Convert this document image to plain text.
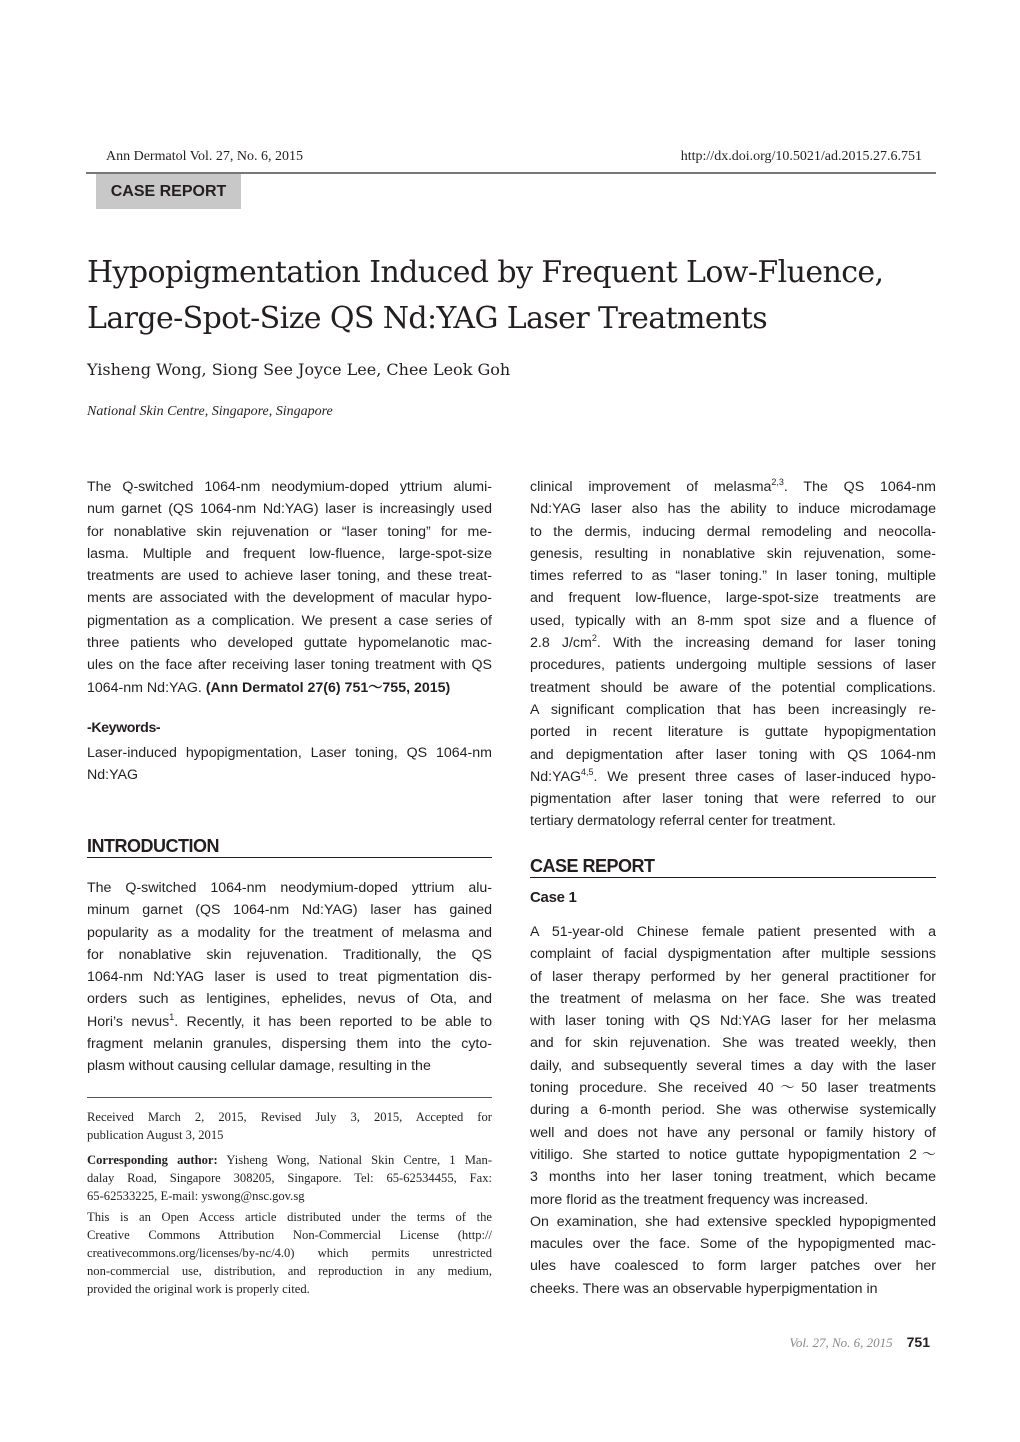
Ann Dermatol Vol. 27, No. 6, 2015	http://dx.doi.org/10.5021/ad.2015.27.6.751
CASE REPORT
Hypopigmentation Induced by Frequent Low-Fluence,
Large-Spot-Size QS Nd:YAG Laser Treatments
Yisheng Wong, Siong See Joyce Lee, Chee Leok Goh
National Skin Centre, Singapore, Singapore
The Q-switched 1064-nm neodymium-doped yttrium alumi-
num garnet (QS 1064-nm Nd:YAG) laser is increasingly used
for nonablative skin rejuvenation or “laser toning” for me-
lasma. Multiple and frequent low-fluence, large-spot-size
treatments are used to achieve laser toning, and these treat-
ments are associated with the development of macular hypo-
pigmentation as a complication. We present a case series of
three patients who developed guttate hypomelanotic mac-
ules on the face after receiving laser toning treatment with QS
1064-nm Nd:YAG. (Ann Dermatol 27(6) 751～755, 2015)
-Keywords-
Laser-induced hypopigmentation, Laser toning, QS 1064-nm
Nd:YAG
INTRODUCTION
The Q-switched 1064-nm neodymium-doped yttrium alu-
minum garnet (QS 1064-nm Nd:YAG) laser has gained
popularity as a modality for the treatment of melasma and
for nonablative skin rejuvenation. Traditionally, the QS
1064-nm Nd:YAG laser is used to treat pigmentation dis-
orders such as lentigines, ephelides, nevus of Ota, and
Hori’s nevus$^1$. Recently, it has been reported to be able to
fragment melanin granules, dispersing them into the cyto-
plasm without causing cellular damage, resulting in the
Received March 2, 2015, Revised July 3, 2015, Accepted for
publication August 3, 2015
Corresponding author: Yisheng Wong, National Skin Centre, 1 Man-
dalay Road, Singapore 308205, Singapore. Tel: 65-62534455, Fax:
65-62533225, E-mail: yswong@nsc.gov.sg
This is an Open Access article distributed under the terms of the
Creative Commons Attribution Non-Commercial License (http://
creativecommons.org/licenses/by-nc/4.0) which permits unrestricted
non-commercial use, distribution, and reproduction in any medium,
provided the original work is properly cited.
clinical improvement of melasma$^{2,3}$. The QS 1064-nm
Nd:YAG laser also has the ability to induce microdamage
to the dermis, inducing dermal remodeling and neocolla-
genesis, resulting in nonablative skin rejuvenation, some-
times referred to as “laser toning.” In laser toning, multiple
and frequent low-fluence, large-spot-size treatments are
used, typically with an 8-mm spot size and a fluence of
2.8 $J/cm^2$. With the increasing demand for laser toning
procedures, patients undergoing multiple sessions of laser
treatment should be aware of the potential complications.
A significant complication that has been increasingly re-
ported in recent literature is guttate hypopigmentation
and depigmentation after laser toning with QS 1064-nm
Nd:YAG$^{4,5}$. We present three cases of laser-induced hypo-
pigmentation after laser toning that were referred to our
tertiary dermatology referral center for treatment.
CASE REPORT
Case 1
A 51-year-old Chinese female patient presented with a
complaint of facial dyspigmentation after multiple sessions
of laser therapy performed by her general practitioner for
the treatment of melasma on her face. She was treated
with laser toning with QS Nd:YAG laser for her melasma
and for skin rejuvenation. She was treated weekly, then
daily, and subsequently several times a day with the laser
toning procedure. She received 40～50 laser treatments
during a 6-month period. She was otherwise systemically
well and does not have any personal or family history of
vitiligo. She started to notice guttate hypopigmentation 2～
3 months into her laser toning treatment, which became
more florid as the treatment frequency was increased.
On examination, she had extensive speckled hypopigmented
macules over the face. Some of the hypopigmented mac-
ules have coalesced to form larger patches over her
cheeks. There was an observable hyperpigmentation in
Vol. 27, No. 6, 2015 751
